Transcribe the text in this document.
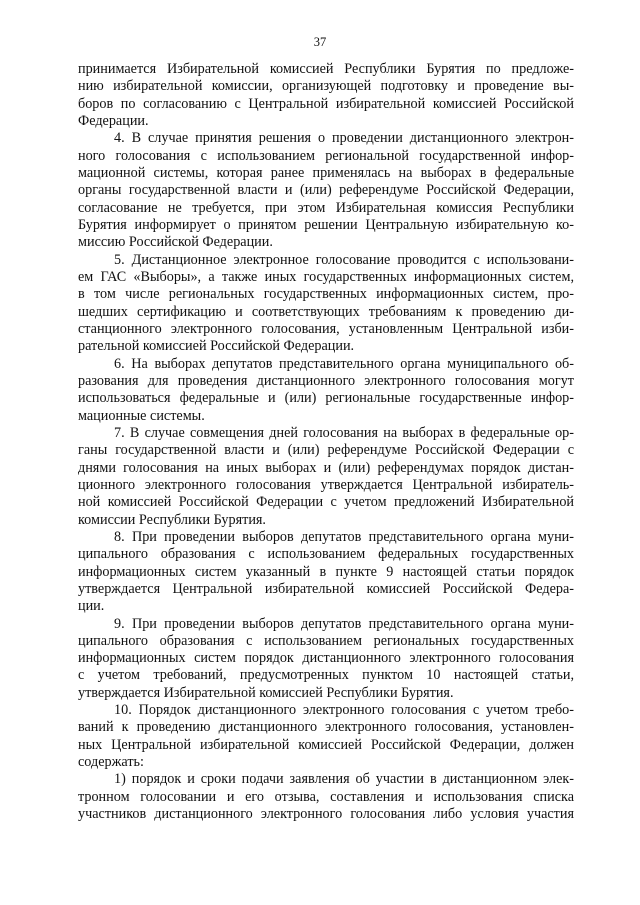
37
принимается Избирательной комиссией Республики Бурятия по предложе-
нию избирательной комиссии, организующей подготовку и проведение вы-
боров по согласованию с Центральной избирательной комиссией Российской
Федерации.
4. В случае принятия решения о проведении дистанционного электрон-
ного голосования с использованием региональной государственной инфор-
мационной системы, которая ранее применялась на выборах в федеральные
органы государственной власти и (или) референдуме Российской Федерации,
согласование не требуется, при этом Избирательная комиссия Республики
Бурятия информирует о принятом решении Центральную избирательную ко-
миссию Российской Федерации.
5. Дистанционное электронное голосование проводится с использовани-
ем ГАС «Выборы», а также иных государственных информационных систем,
в том числе региональных государственных информационных систем, про-
шедших сертификацию и соответствующих требованиям к проведению ди-
станционного электронного голосования, установленным Центральной изби-
рательной комиссией Российской Федерации.
6. На выборах депутатов представительного органа муниципального об-
разования для проведения дистанционного электронного голосования могут
использоваться федеральные и (или) региональные государственные инфор-
мационные системы.
7. В случае совмещения дней голосования на выборах в федеральные ор-
ганы государственной власти и (или) референдуме Российской Федерации с
днями голосования на иных выборах и (или) референдумах порядок дистан-
ционного электронного голосования утверждается Центральной избиратель-
ной комиссией Российской Федерации с учетом предложений Избирательной
комиссии Республики Бурятия.
8. При проведении выборов депутатов представительного органа муни-
ципального образования с использованием федеральных государственных
информационных систем указанный в пункте 9 настоящей статьи порядок
утверждается Центральной избирательной комиссией Российской Федера-
ции.
9. При проведении выборов депутатов представительного органа муни-
ципального образования с использованием региональных государственных
информационных систем порядок дистанционного электронного голосования
с учетом требований, предусмотренных пунктом 10 настоящей статьи,
утверждается Избирательной комиссией Республики Бурятия.
10. Порядок дистанционного электронного голосования с учетом требо-
ваний к проведению дистанционного электронного голосования, установлен-
ных Центральной избирательной комиссией Российской Федерации, должен
содержать:
1) порядок и сроки подачи заявления об участии в дистанционном элек-
тронном голосовании и его отзыва, составления и использования списка
участников дистанционного электронного голосования либо условия участия
